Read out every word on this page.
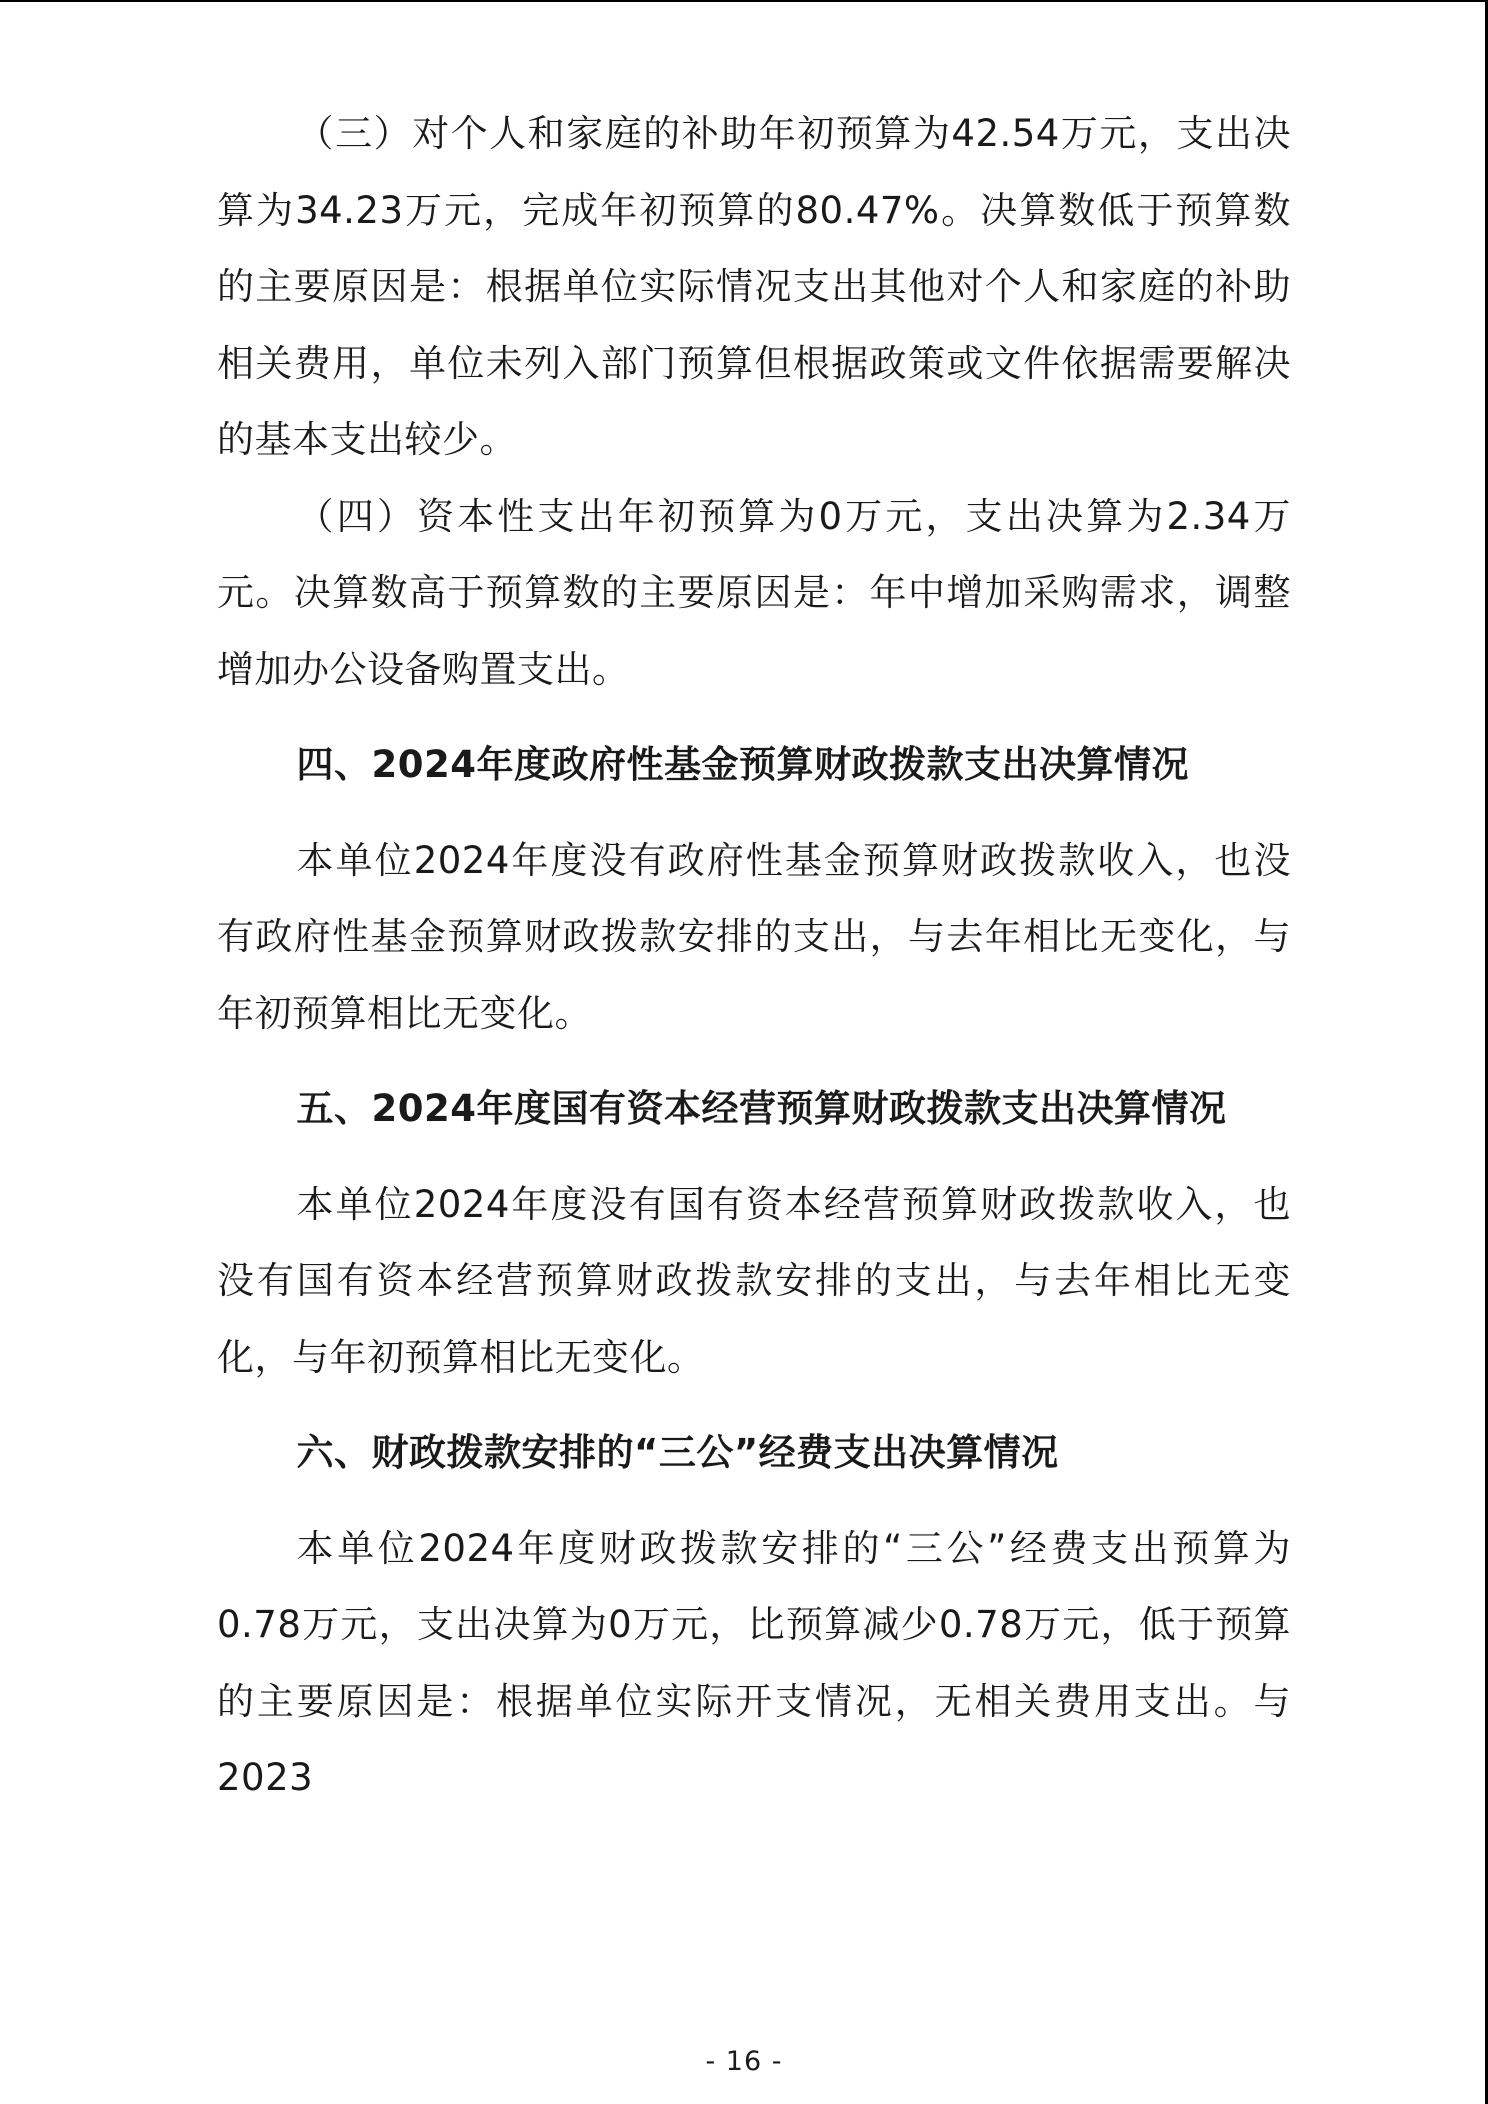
（三）对个人和家庭的补助年初预算为42.54万元，支出决算为34.23万元，完成年初预算的80.47%。决算数低于预算数的主要原因是：根据单位实际情况支出其他对个人和家庭的补助相关费用，单位未列入部门预算但根据政策或文件依据需要解决的基本支出较少。

（四）资本性支出年初预算为0万元，支出决算为2.34万元。决算数高于预算数的主要原因是：年中增加采购需求，调整增加办公设备购置支出。

四、2024年度政府性基金预算财政拨款支出决算情况

本单位2024年度没有政府性基金预算财政拨款收入，也没有政府性基金预算财政拨款安排的支出，与去年相比无变化，与年初预算相比无变化。

五、2024年度国有资本经营预算财政拨款支出决算情况

本单位2024年度没有国有资本经营预算财政拨款收入，也没有国有资本经营预算财政拨款安排的支出，与去年相比无变化，与年初预算相比无变化。

六、财政拨款安排的“三公”经费支出决算情况

本单位2024年度财政拨款安排的“三公”经费支出预算为0.78万元，支出决算为0万元，比预算减少0.78万元，低于预算的主要原因是：根据单位实际开支情况，无相关费用支出。与2023

- 16 -
